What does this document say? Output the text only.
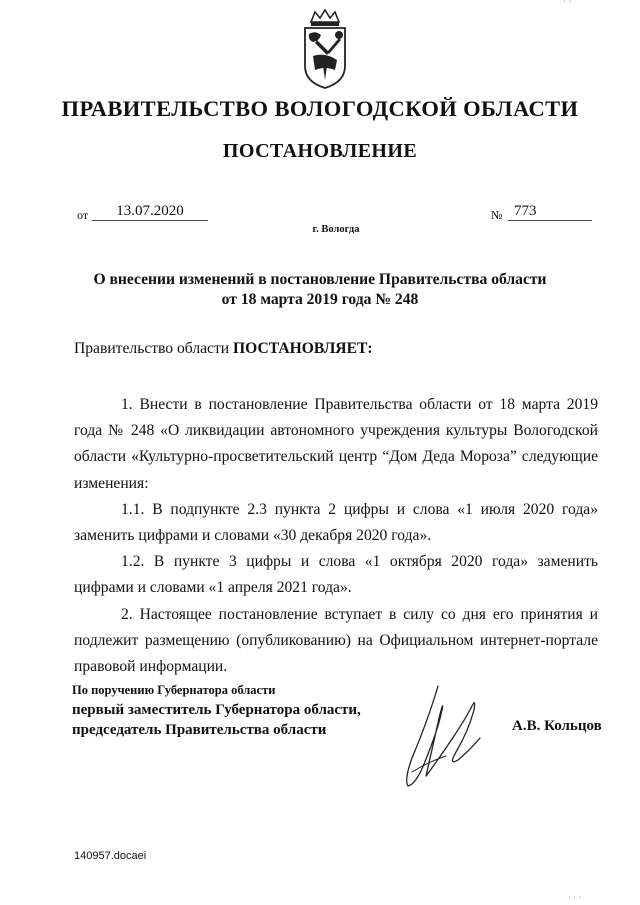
· ·
ПРАВИТЕЛЬСТВО ВОЛОГОДСКОЙ ОБЛАСТИ
ПОСТАНОВЛЕНИЕ
от	13.07.2020	№ 773
г. Вологда
О внесении изменений в постановление Правительства области
от 18 марта 2019 года № 248
Правительство области ПОСТАНОВЛЯЕТ:

1. Внести в постановление Правительства области от 18 марта 2019 года № 248 «О ликвидации автономного учреждения культуры Вологодской области «Культурно-просветительский центр “Дом Деда Мороза” следующие изменения:

1.1. В подпункте 2.3 пункта 2 цифры и слова «1 июля 2020 года» заменить цифрами и словами «30 декабря 2020 года».

1.2. В пункте 3 цифры и слова «1 октября 2020 года» заменить цифрами и словами «1 апреля 2021 года».

2. Настоящее постановление вступает в силу со дня его принятия и подлежит размещению (опубликованию) на Официальном интернет-портале правовой информации.

По поручению Губернатора области
первый заместитель Губернатора области,
председатель Правительства области	А.В. Кольцов
140957.docaei
· · ·
